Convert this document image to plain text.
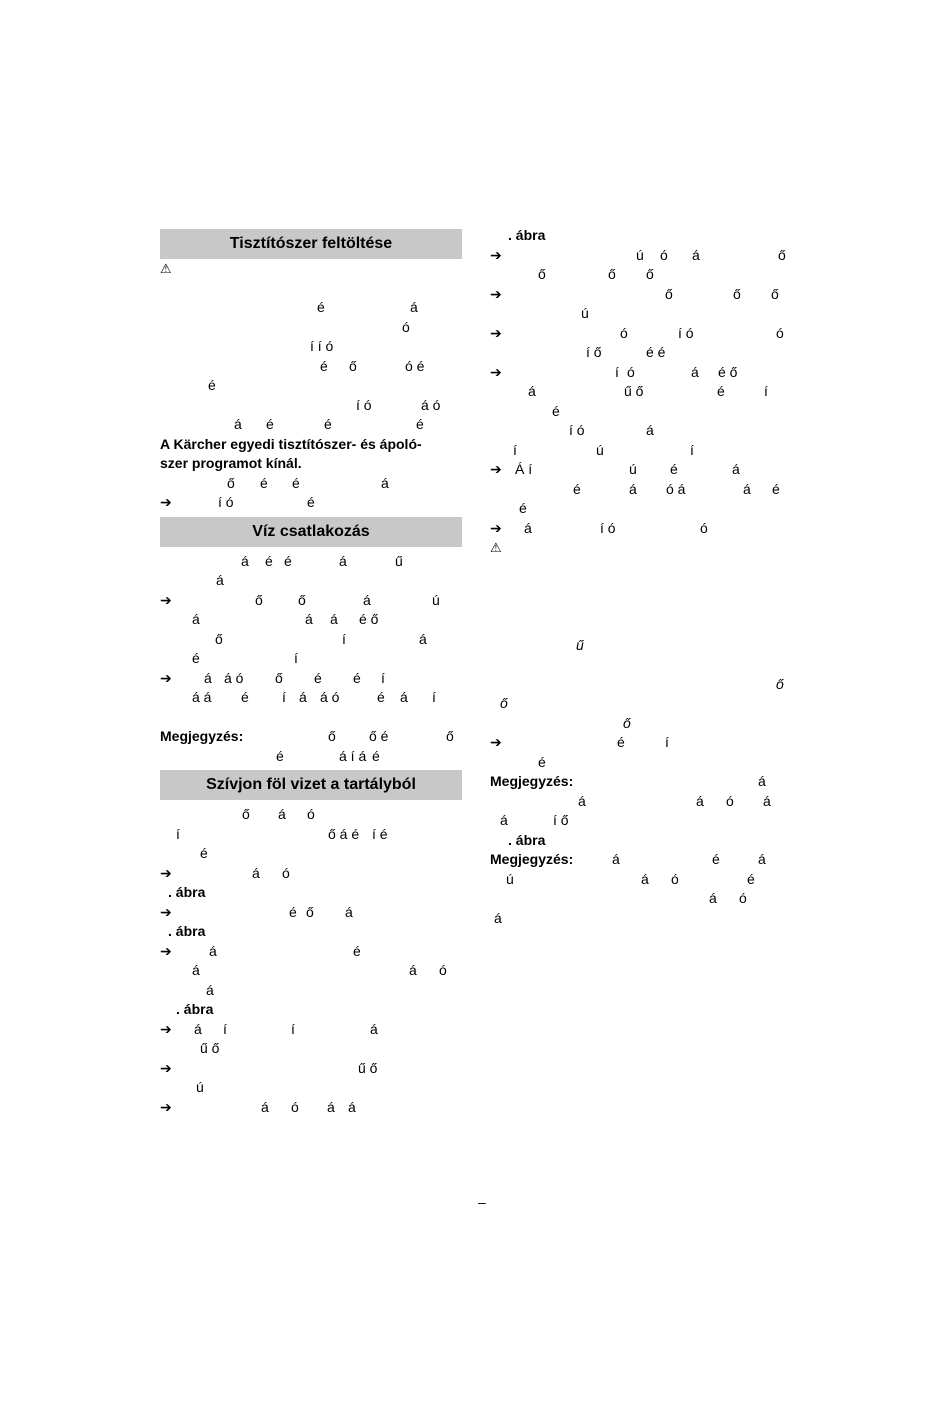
Tisztítószer feltöltése
⚠
é	á
ó
í í ó
é ő	ó é
é
í ó	á ó
á é	é	é
A Kärcher egyedi tisztítószer- és ápoló-
szer programot kínál.
ő é é	á
➔	í ó	é
Víz csatlakozás
á é é	á	ű
á
➔	ő	ő	á	ú
á	á á é ő
ő	í	á
é	í
➔ á á ó ő é é í
á á é í á á ó	é á í
Megjegyzés:	ő ő é	ő
é	á í á é
Szívjon föl vizet a tartályból
ő á ó
í	ő á é í é
é
➔	á ó
. ábra
➔	é ő á
. ábra
➔	á	é
á	á ó
á
. ábra
➔ á í	í	á
ű ő
➔	ű ő
ú
➔	á ó á á
. ábra
➔	ú ó á	ő
ő	ő ő
➔	ő	ő ő
ú
➔	ó	í ó	ó
í ő	é é
➔	í ó	á é ő
á	ű ő	é	í
é
í ó	á
í	ú	í
➔ Á í	ú é	á
é	á ó á	á é
é
➔ á	í ó	ó
⚠
ű
ő
ő
ő
➔	é	í
é
Megjegyzés:	á
á	á ó á
á	í ő
. ábra
Megjegyzés:	á	é	á
ú	á ó	é
á ó
á
–
